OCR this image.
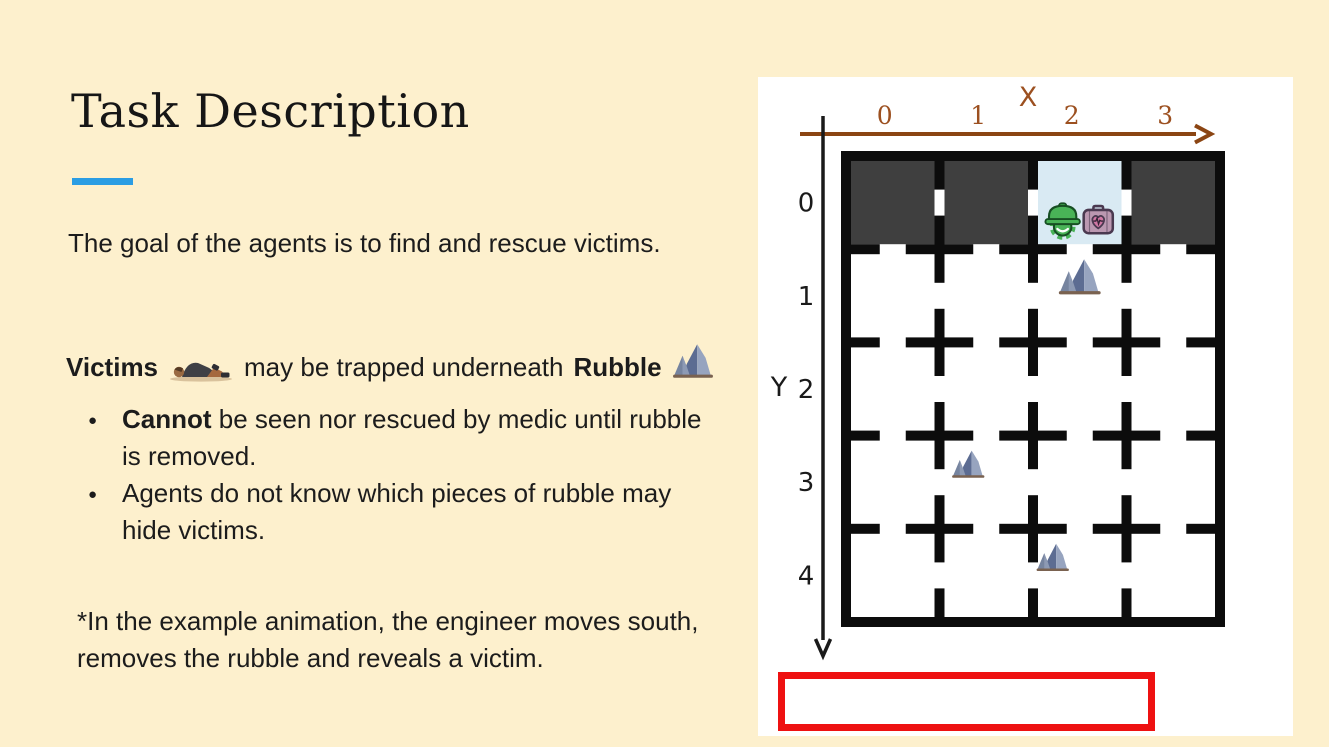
Task Description

The goal of the agents is to find and rescue victims.

Victims	may be trapped underneath Rubble
● Cannot be seen nor rescued by medic until rubble
is removed.
● Agents do not know which pieces of rubble may
hide victims.

*In the example animation, the engineer moves south,
removes the rubble and reveals a victim.

X
0	1	2	3
Y
0
1
2
3
4
